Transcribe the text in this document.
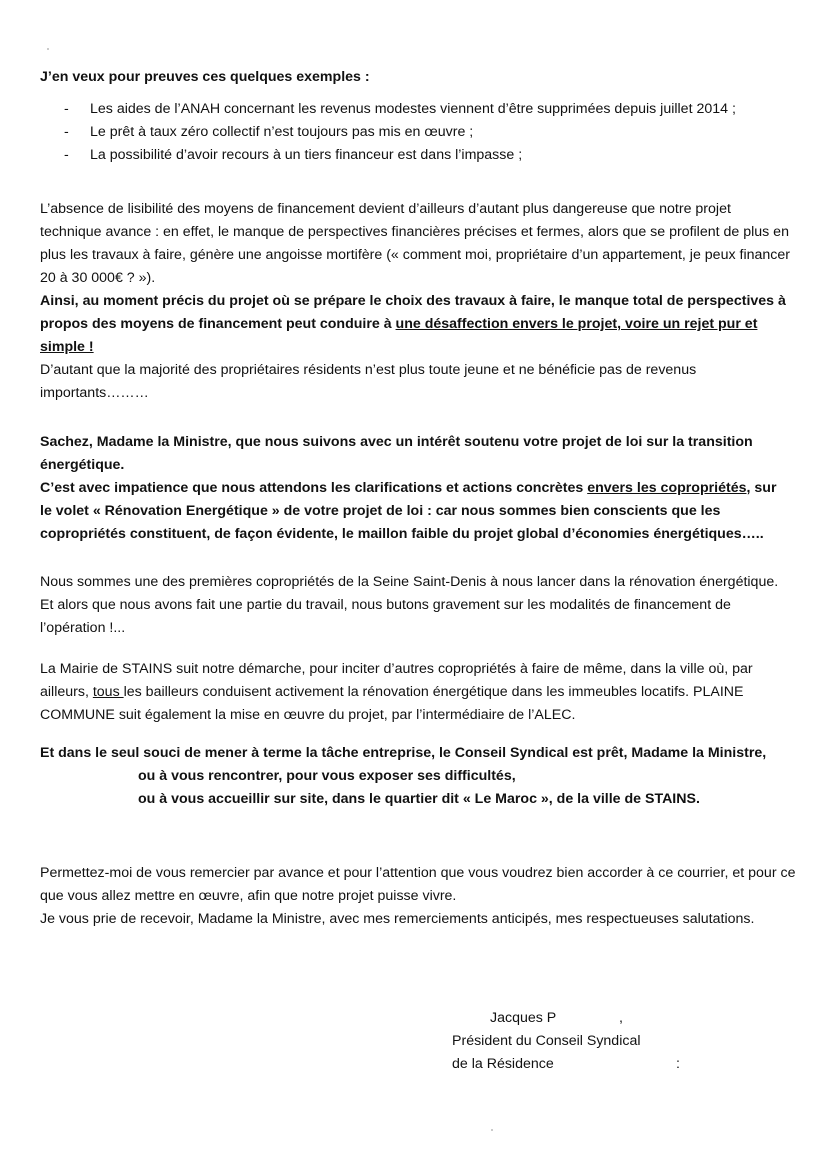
J’en veux pour preuves ces quelques exemples :

- Les aides de l’ANAH concernant les revenus modestes viennent d’être supprimées depuis juillet 2014 ;
- Le prêt à taux zéro collectif n’est toujours pas mis en œuvre ;
- La possibilité d’avoir recours à un tiers financeur est dans l’impasse ;
L’absence de lisibilité des moyens de financement devient d’ailleurs d’autant plus dangereuse que notre projet technique avance : en effet, le manque de perspectives financières précises et fermes, alors que se profilent de plus en plus les travaux à faire, génère une angoisse mortifère (« comment moi, propriétaire d’un appartement, je peux financer 20 à 30 000€ ? »).
Ainsi, au moment précis du projet où se prépare le choix des travaux à faire, le manque total de perspectives à propos des moyens de financement peut conduire à une désaffection envers le projet, voire un rejet pur et simple !
D’autant que la majorité des propriétaires résidents n’est plus toute jeune et ne bénéficie pas de revenus importants………
Sachez, Madame la Ministre, que nous suivons avec un intérêt soutenu votre projet de loi sur la transition énergétique.
C’est avec impatience que nous attendons les clarifications et actions concrètes envers les copropriétés, sur le volet « Rénovation Energétique » de votre projet de loi : car nous sommes bien conscients que les copropriétés constituent, de façon évidente, le maillon faible du projet global d’économies énergétiques…..

Nous sommes une des premières copropriétés de la Seine Saint-Denis à nous lancer dans la rénovation énergétique. Et alors que nous avons fait une partie du travail, nous butons gravement sur les modalités de financement de l’opération !...

La Mairie de STAINS suit notre démarche, pour inciter d’autres copropriétés à faire de même, dans la ville où, par ailleurs, tous les bailleurs conduisent activement la rénovation énergétique dans les immeubles locatifs. PLAINE COMMUNE suit également la mise en œuvre du projet, par l’intermédiaire de l’ALEC.

Et dans le seul souci de mener à terme la tâche entreprise, le Conseil Syndical est prêt, Madame la Ministre,
ou à vous rencontrer, pour vous exposer ses difficultés,
ou à vous accueillir sur site, dans le quartier dit « Le Maroc », de la ville de STAINS.
Permettez-moi de vous remercier par avance et pour l’attention que vous voudrez bien accorder à ce courrier, et pour ce que vous allez mettre en œuvre, afin que notre projet puisse vivre.
Je vous prie de recevoir, Madame la Ministre, avec mes remerciements anticipés, mes respectueuses salutations.
Jacques P                ,
Président du Conseil Syndical
de la Résidence                               :
